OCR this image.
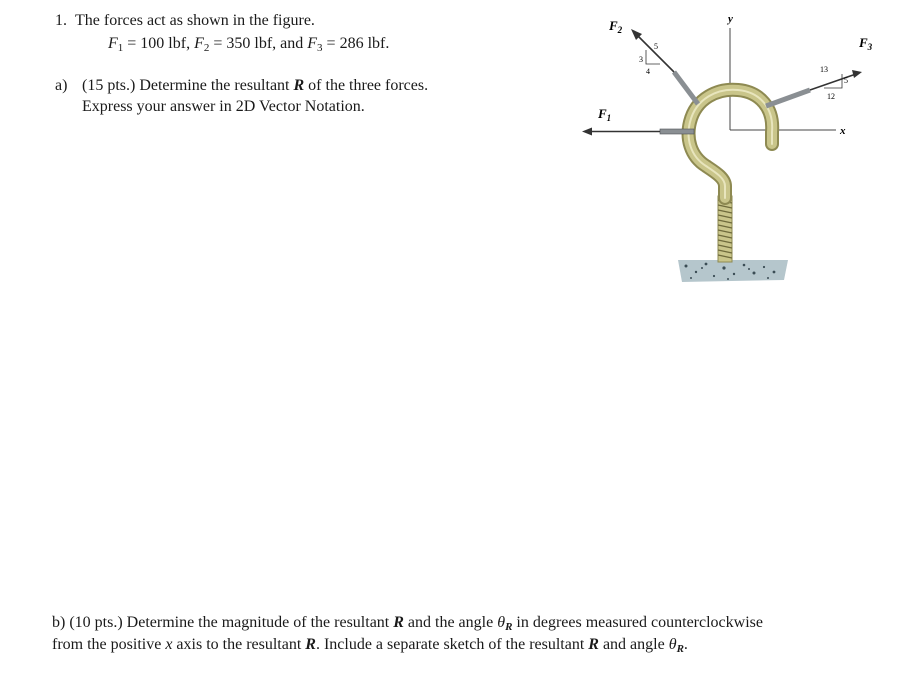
1. The forces act as shown in the figure.
$F_1 = 100$ lbf, $F_2 = 350$ lbf, and $F_3 = 286$ lbf.
a) (15 pts.) Determine the resultant R of the three forces.
Express your answer in 2D Vector Notation.
y
x
$F_1$
$F_2$
3
4
5	$F_3$
13
5
12
b) (10 pts.) Determine the magnitude of the resultant R and the angle $\theta_R$ in degrees measured counterclockwise
from the positive x axis to the resultant R. Include a separate sketch of the resultant R and angle $\theta_R$.
